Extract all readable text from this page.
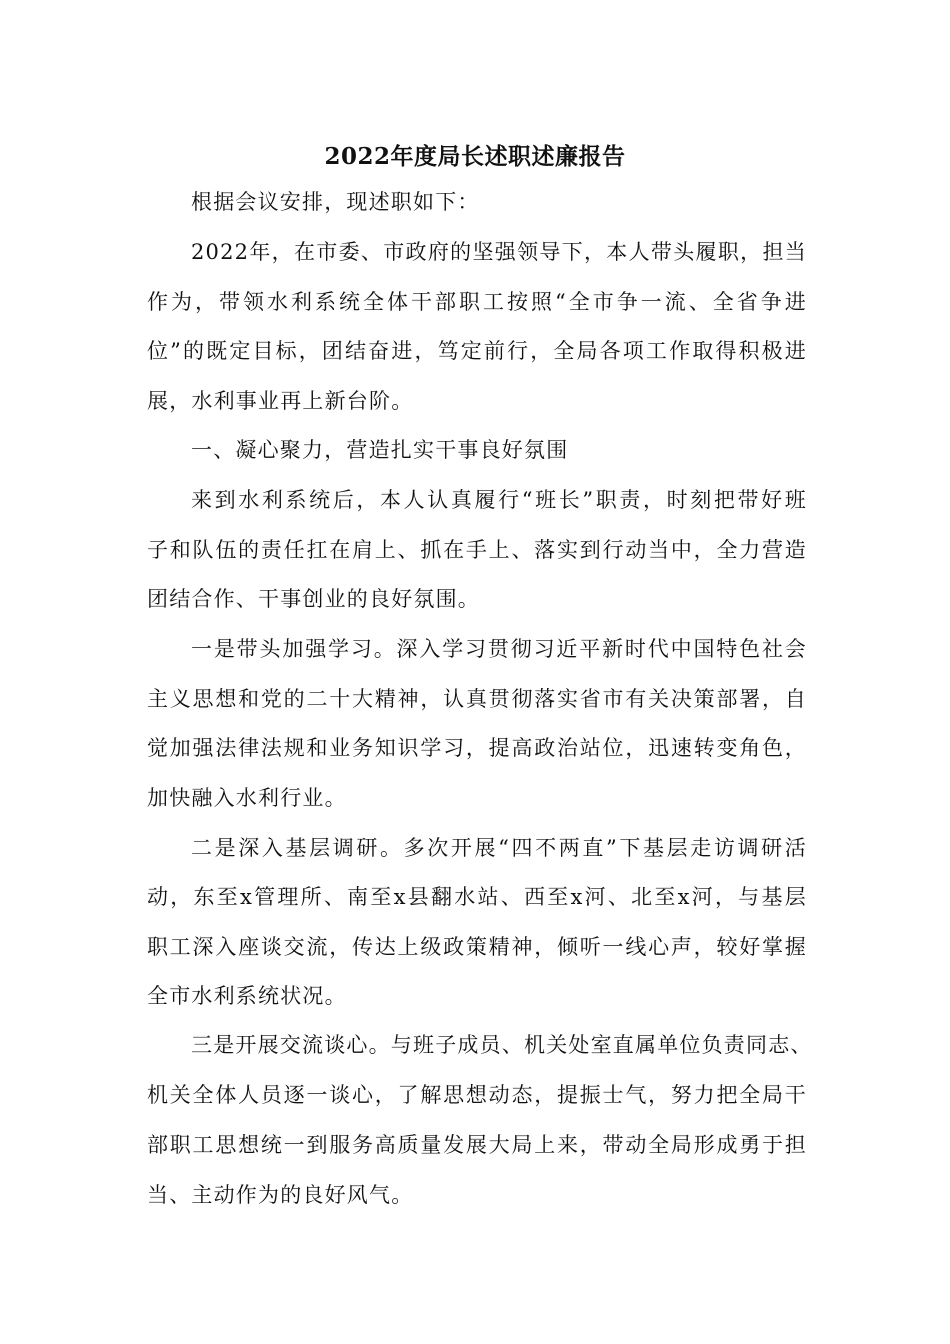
2022年度局长述职述廉报告
根据会议安排，现述职如下：
2022年，在市委、市政府的坚强领导下，本人带头履职，担当
作为，带领水利系统全体干部职工按照“全市争一流、全省争进
位”的既定目标，团结奋进，笃定前行，全局各项工作取得积极进
展，水利事业再上新台阶。
一、凝心聚力，营造扎实干事良好氛围
来到水利系统后，本人认真履行“班长”职责，时刻把带好班
子和队伍的责任扛在肩上、抓在手上、落实到行动当中，全力营造
团结合作、干事创业的良好氛围。
一是带头加强学习。深入学习贯彻习近平新时代中国特色社会
主义思想和党的二十大精神，认真贯彻落实省市有关决策部署，自
觉加强法律法规和业务知识学习，提高政治站位，迅速转变角色，
加快融入水利行业。
二是深入基层调研。多次开展“四不两直”下基层走访调研活
动，东至x管理所、南至x县翻水站、西至x河、北至x河，与基层
职工深入座谈交流，传达上级政策精神，倾听一线心声，较好掌握
全市水利系统状况。
三是开展交流谈心。与班子成员、机关处室直属单位负责同志、
机关全体人员逐一谈心，了解思想动态，提振士气，努力把全局干
部职工思想统一到服务高质量发展大局上来，带动全局形成勇于担
当、主动作为的良好风气。
